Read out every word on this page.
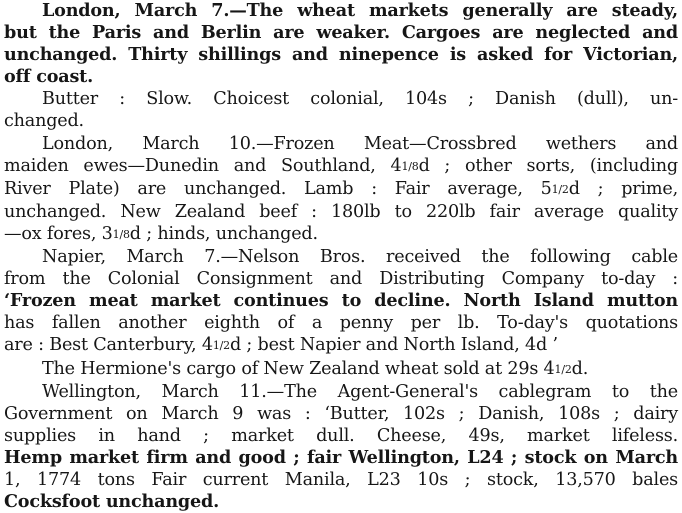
London, March 7.—The wheat markets generally are steady,
but the Paris and Berlin are weaker. Cargoes are neglected and
unchanged. Thirty shillings and ninepence is asked for Victorian,
off coast.
Butter : Slow. Choicest colonial, 104s ; Danish (dull), un-
changed.
London, March 10.—Frozen Meat—Crossbred wethers and
maiden ewes—Dunedin and Southland, 41/8d ; other sorts, (including
River Plate) are unchanged. Lamb : Fair average, 51/2d ; prime,
unchanged. New Zealand beef : 180lb to 220lb fair average quality
—ox fores, 31/8d ; hinds, unchanged.
Napier, March 7.—Nelson Bros. received the following cable
from the Colonial Consignment and Distributing Company to-day :
‘Frozen meat market continues to decline. North Island mutton
has fallen another eighth of a penny per lb. To-day's quotations
are : Best Canterbury, 41/2d ; best Napier and North Island, 4d ’
The Hermione's cargo of New Zealand wheat sold at 29s 41/2d.
Wellington, March 11.—The Agent-General's cablegram to the
Government on March 9 was : ‘Butter, 102s ; Danish, 108s ; dairy
supplies in hand ; market dull. Cheese, 49s, market lifeless.
Hemp market firm and good ; fair Wellington, L24 ; stock on March
1, 1774 tons Fair current Manila, L23 10s ; stock, 13,570 bales
Cocksfoot unchanged.
